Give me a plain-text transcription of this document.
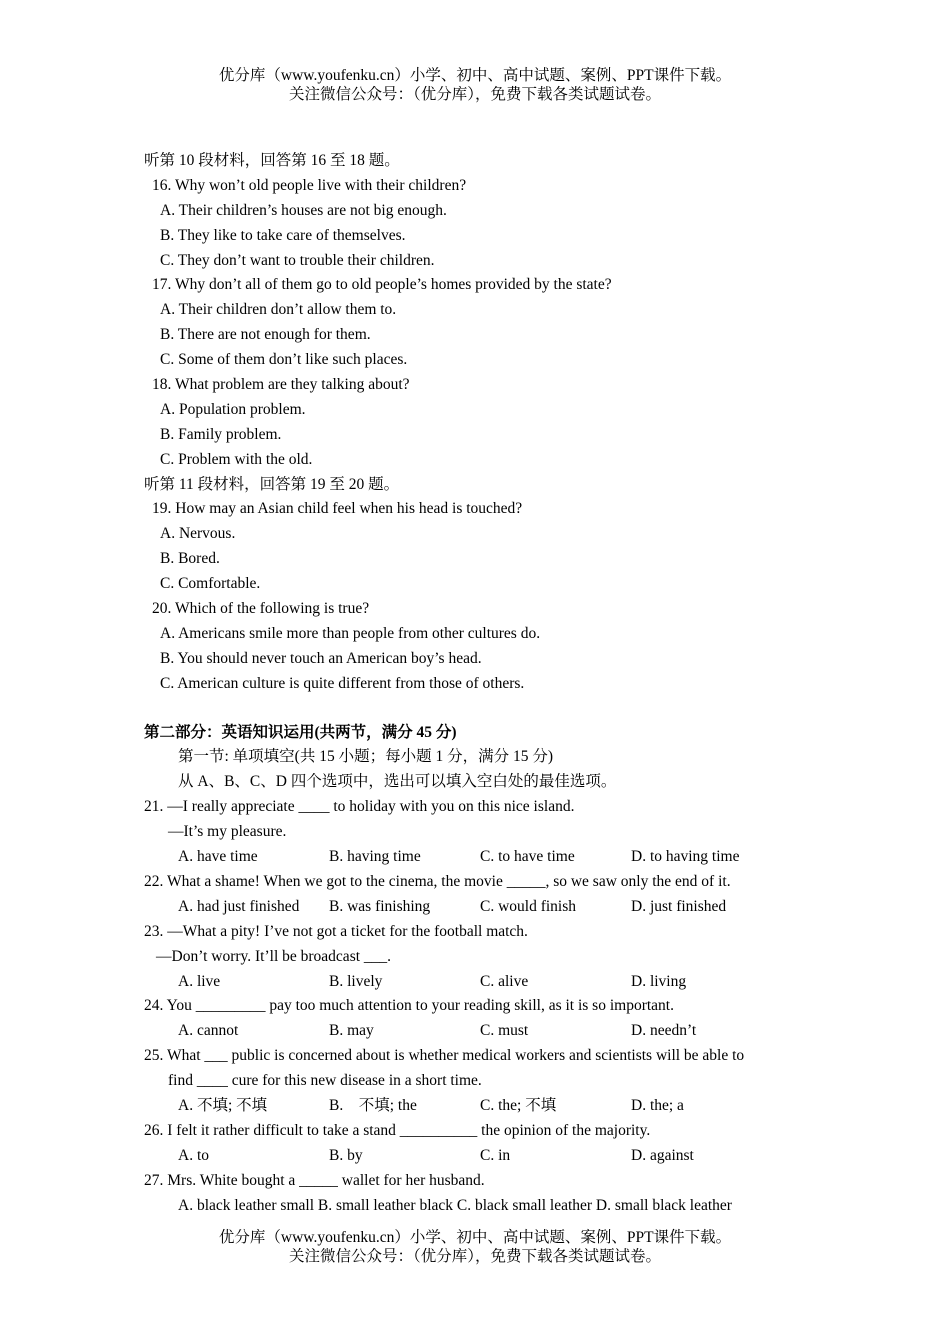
优分库（www.youfenku.cn）小学、初中、高中试题、案例、PPT课件下载。
关注微信公众号：（优分库），免费下载各类试题试卷。
听第 10 段材料，回答第 16 至 18 题。
16. Why won’t old people live with their children?
A. Their children’s houses are not big enough.
B. They like to take care of themselves.
C. They don’t want to trouble their children.
17. Why don’t all of them go to old people’s homes provided by the state?
A. Their children don’t allow them to.
B. There are not enough for them.
C. Some of them don’t like such places.
18. What problem are they talking about?
A. Population problem.
B. Family problem.
C. Problem with the old.
听第 11 段材料，回答第 19 至 20 题。
19. How may an Asian child feel when his head is touched?
A. Nervous.
B. Bored.
C. Comfortable.
20. Which of the following is true?
A. Americans smile more than people from other cultures do.
B. You should never touch an American boy’s head.
C. American culture is quite different from those of others.
第二部分：英语知识运用(共两节，满分 45 分)
第一节: 单项填空(共 15 小题；每小题 1 分，满分 15 分)
从 A、B、C、D 四个选项中，选出可以填入空白处的最佳选项。
21. —I really appreciate ____ to holiday with you on this nice island.
—It’s my pleasure.
A. have time	B. having time	C. to have time	D. to having time
22. What a shame! When we got to the cinema, the movie _____, so we saw only the end of it.
A. had just finished	B. was finishing	C. would finish	D. just finished
23. —What a pity! I’ve not got a ticket for the football match.
—Don’t worry. It’ll be broadcast ___.
A. live	B. lively	C. alive	D. living
24. You _________ pay too much attention to your reading skill, as it is so important.
A. cannot	B. may	C. must	D. needn’t
25. What ___ public is concerned about is whether medical workers and scientists will be able to
find ____ cure for this new disease in a short time.
A. 不填; 不填	B.    不填; the	C. the; 不填	D. the; a
26. I felt it rather difficult to take a stand __________ the opinion of the majority.
A. to	B. by	C. in	D. against
27. Mrs. White bought a _____ wallet for her husband.
A. black leather small B. small leather black C. black small leather D. small black leather
优分库（www.youfenku.cn）小学、初中、高中试题、案例、PPT课件下载。
关注微信公众号：（优分库），免费下载各类试题试卷。
